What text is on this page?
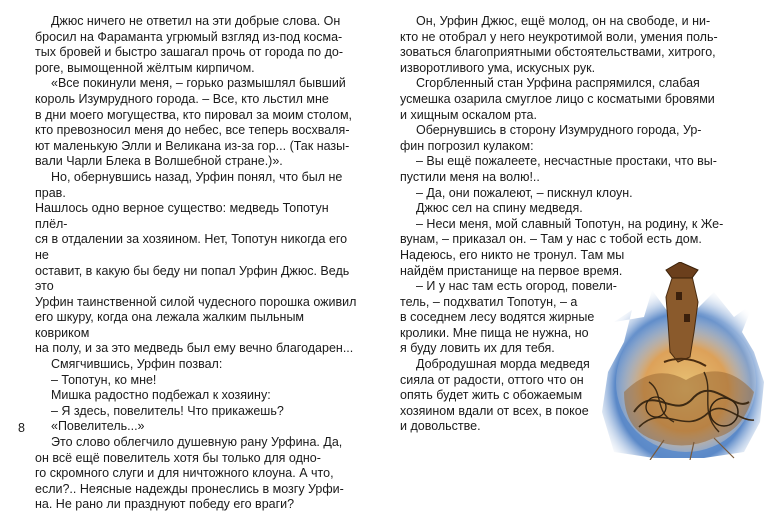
Джюс ничего не ответил на эти добрые слова. Он
бросил на Фараманта угрюмый взгляд из-под косма-
тых бровей и быстро зашагал прочь от города по до-
роге, вымощенной жёлтым кирпичом.
«Все покинули меня, – горько размышлял бывший
король Изумрудного города. – Все, кто льстил мне
в дни моего могущества, кто пировал за моим столом,
кто превозносил меня до небес, все теперь восхваля-
ют маленькую Элли и Великана из-за гор... (Так назы-
вали Чарли Блека в Волшебной стране.)».
Но, обернувшись назад, Урфин понял, что был не прав.
Нашлось одно верное существо: медведь Топотун плёл-
ся в отдалении за хозяином. Нет, Топотун никогда его не
оставит, в какую бы беду ни попал Урфин Джюс. Ведь это
Урфин таинственной силой чудесного порошка оживил
его шкуру, когда она лежала жалким пыльным ковриком
на полу, и за это медведь был ему вечно благодарен...
Смягчившись, Урфин позвал:
– Топотун, ко мне!
Мишка радостно подбежал к хозяину:
– Я здесь, повелитель! Что прикажешь?
«Повелитель...»
Это слово облегчило душевную рану Урфина. Да,
он всё ещё повелитель хотя бы только для одно-
го скромного слуги и для ничтожного клоуна. А что,
если?.. Неясные надежды пронеслись в мозгу Урфи-
на. Не рано ли празднуют победу его враги?
8
Он, Урфин Джюс, ещё молод, он на свободе, и ни-
кто не отобрал у него неукротимой воли, умения поль-
зоваться благоприятными обстоятельствами, хитрого,
изворотливого ума, искусных рук.
Сгорбленный стан Урфина распрямился, слабая
усмешка озарила смуглое лицо с косматыми бровями
и хищным оскалом рта.
Обернувшись в сторону Изумрудного города, Ур-
фин погрозил кулаком:
– Вы ещё пожалеете, несчастные простаки, что вы-
пустили меня на волю!..
– Да, они пожалеют, – пискнул клоун.
Джюс сел на спину медведя.
– Неси меня, мой славный Топотун, на родину, к Же-
вунам, – приказал он. – Там у нас с тобой есть дом.
Надеюсь, его никто не тронул. Там мы
найдём пристанище на первое время.
– И у нас там есть огород, повели-
тель, – подхватил Топотун, – а
в соседнем лесу водятся жирные
кролики. Мне пища не нужна, но
я буду ловить их для тебя.
Добродушная морда медведя
сияла от радости, оттого что он
опять будет жить с обожаемым
хозяином вдали от всех, в покое
и довольстве.
